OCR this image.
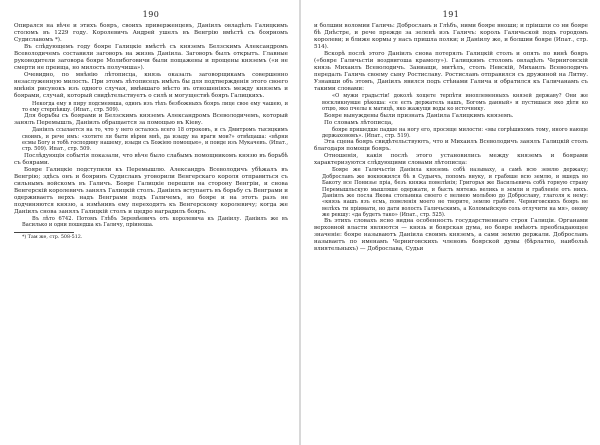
190

Опирался на вѣче и этихъ бояръ, своихъ приверженцевъ, Даніилъ овладѣлъ Галицкимъ столомъ въ 1229 году. Королевичъ Андрей ушелъ въ Венгрію вмѣстѣ съ боярномъ Судиславомъ *).

Въ слѣдующемъ году бояре Галицкіе вмѣстѣ съ княземъ Белзскимъ Александромъ Всеволодичемъ составили заговоръ на жизнь Даніила. Заговоръ былъ открытъ. Главные руководители заговора бояре Молибоговичи были пощажены и прощены княземъ («и не смерти не преища, но милость получиша»).

Очевидно, по мнѣнію лѣтописца, князь оказалъ заговорщикамъ совершенно незаслуженную милость. При этомъ лѣтописецъ имѣлъ бы для подтвержденія этого своего мнѣнія рисунокъ изъ одного случая, имѣвшаго мѣсто въ отношеніяхъ между княземъ и боярами, случай, который свидѣтельствуетъ о силѣ и могуществѣ бояръ Галицкихъ.

Некогда ему в пиру подсмеявша, одинъ изъ тѣхъ безбожныхъ бояръ лице свое ему чашею, и то ему стерпѣвшу. (Ипат., стр. 509).

Для борьбы съ боярами и Белзскимъ княземъ Александромъ Всеволодичемъ, который занялъ Перемышль, Даніилъ обращается за помощью въ Кіеву.

Даніилъ ссылается на то, что у него осталось всего 18 отроковъ, и съ Дмитромъ тысяцкимъ своимъ, и рече имъ: «хотите ли быти вѣрни мнѣ, да изыду на враги мои?» отвѣщаша: «вѣрни есмы Богу и тобѣ господину нашему, изыди съ Божіею помощью», и поиде изъ Мукачевъ. (Ипат., стр. 509). Ипат., стр. 509.

Послѣдующія событія показали, что вѣче было слабымъ помощникомъ князю въ борьбѣ съ боярами.

Бояре Галицкіе подступили къ Перемышлю. Александръ Всеволодичъ убѣжалъ въ Венгрію; здѣсь онъ и бояринъ Судиславъ уговорили Венгерскаго короля отправиться съ сильнымъ войскомъ въ Галичъ. Бояре Галицкіе перешли на сторону Венгріи, и снова Венгерскій королевичъ занялъ Галицкій столъ. Даніилъ вступаетъ въ борьбу съ Венграми и одерживаетъ верхъ надъ Венграми подъ Галичемъ, но бояре и на этотъ разъ не подчиняются князю, а измѣнивъ ему переходятъ къ Венгерскому королевичу; когда же Даніилъ снова занялъ Галицкій столъ и щедро наградилъ бояръ.

Въ лѣто 6742. Потомъ Глѣбъ Зеремѣевичъ отъ королевича къ Даніилу. Даніилъ же въ Василько и одни пошедша къ Галичу, пріиноша.

*) Там же, стр. 508-512.
191

и болшии воломии Галичь: Доброславъ и Глѣбъ, ними бояре вноши; и пріишли со ни бояре бѣ Днѣстре, и рече прежде за зеленѣ изъ Галичъ: король Галичьской подъ городомъ королеви; и ближе кормы у насъ пришла полки; и Даніилу же, и болшии бояре (Ипат., стр. 514).

Вскорѣ послѣ этого Даніилъ снова потерялъ Галицкій столъ и опять по винѣ бояръ («бояре Галичьстіи воздвигоша крамолу»). Галицкимъ столомъ овладѣлъ Черниговскій князь Михаилъ Всеволодичъ. Заниащи, митѣлъ, столъ Невскій, Михаилъ Всеволодичъ передалъ Галичь своему сыну Ростиславу. Ростиславъ отправился съ дружиной на Литву. Узнавши объ этомъ, Даніилъ явился подъ стѣнами Галича и обратился къ Галичанамъ съ такими словами:

«О мужи градьстіи! доколѣ хощете терпѣти иноплеменныхъ князей державу? Они же воскликнувше рѣкоша: «се есть держатель нашъ, Богомъ данный» и пустишася яко дѣти ко отцю, яко пчелы к матицѣ, яко жажущи воды ко источнику.

Бояре вынуждены были признать Даніила Галицкимъ княземъ.

По словамъ лѣтописца,

бояре пришедше падше на ногу его, просяще милости: «мы согрѣшихомъ тому, иного нающе держаховомъ». (Ипат., стр. 519).

Эта сцена бояръ свидѣтельствуютъ, что и Михаилъ Всеволодичъ занялъ Галицкій столъ благодаря помощи бояръ.

Отношенія, какія послѣ этого установились между княземъ и боярами характеризуются слѣдующими словами лѣтописца:

Бояре же Галичьстіи Даніила княземь собѣ называху, а самѣ всю землю держаху; Доброславъ же вокняжился бѣ в Судьичъ, попомъ внуку, и грабяше всю землю, и вшедъ во Бакоту все Понизье пріа, безъ княжа повелѣнія; Григорья же Васильевичь собѣ горную страну Перемышльскую мышляше одержати, и бысть мятежь великь в земли и грабленіе отъ нихъ. Даніилъ же посла Якова стольника своего с велиею мольбою до Доброславу, глаголя к нему: «князь нашъ язъ есмь, повеленія моего не творите, землю грабите. Черниговскихъ бояръ не велѣхъ ти пріимати, но дати волость Галичьскимъ, а Коломыйскую соль отлучити на мя», оному же рекшу: «да будетъ тако» (Ипат., стр. 525).

Въ этихъ словахъ ясно видна особенность государственнаго строя Галиціи. Органами верховной власти являются — князь и боярская дума, но бояре имѣютъ преобладающее значеніе: бояре называютъ Даніила своимъ княземъ, а сами землю держали. Доброславъ называетъ по именамъ Черниговскихъ членовъ боярской думы (бѣрлатно, наибольѣ влиятельныхъ) — Доброслава, Судьи
